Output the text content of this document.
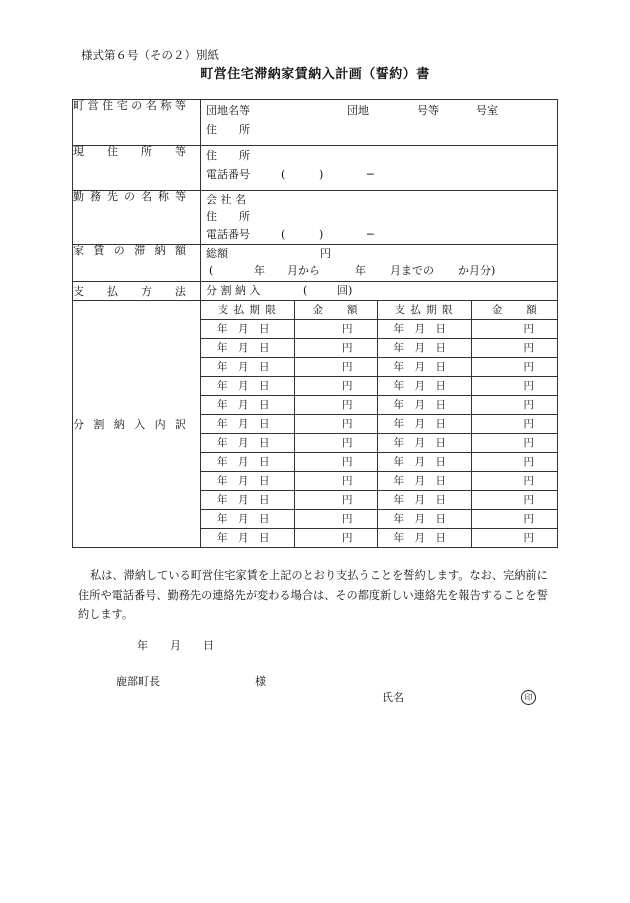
様式第６号（その２）別紙
町営住宅滞納家賃納入計画（誓約）書
町営住宅の名称等	団地名等	団地	号等	号室
住　　所

現住所等	住　　所
電話番号	(	)	─

勤務先の名称等	会 社 名
住　　所
電話番号	(	)	─

家賃の滞納額	総額	円
(	年 月から	年 月までの か月分)

支払方法	分 割 納 入	(	回)

分割納入内訳

支 払 期 限	金　　額	支 払 期 限	金　　額
年　月　日	円	年　月　日	円
年　月　日	円	年　月　日	円
年　月　日	円	年　月　日	円
年　月　日	円	年　月　日	円
年　月　日	円	年　月　日	円
年　月　日	円	年　月　日	円
年　月　日	円	年　月　日	円
年　月　日	円	年　月　日	円
年　月　日	円	年　月　日	円
年　月　日	円	年　月　日	円
年　月　日	円	年　月　日	円
年　月　日	円	年　月　日	円
私は、滞納している町営住宅家賃を上記のとおり支払うことを誓約します。なお、完納前に住所や電話番号、勤務先の連絡先が変わる場合は、その都度新しい連絡先を報告することを誓約します。
年　　月　　日
鹿部町長	様
氏名	印
